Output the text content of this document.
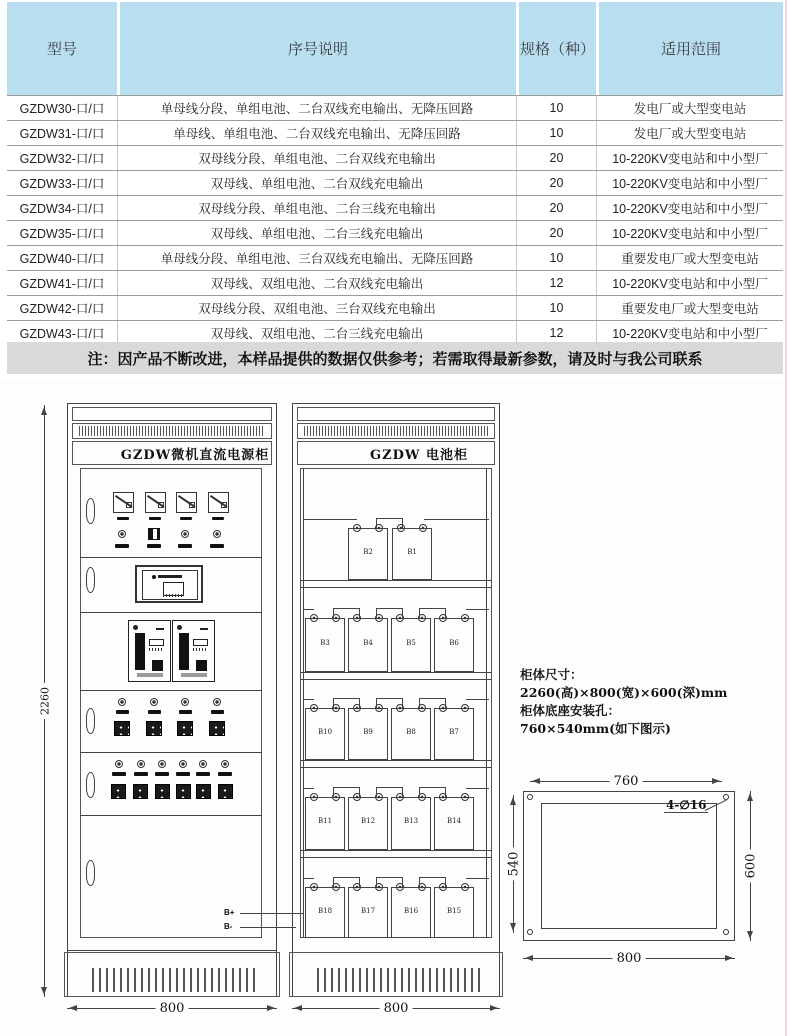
型号	序号说明	规格（种）	适用范围
GZDW30-口/口	单母线分段、单组电池、二台双线充电输出、无降压回路	10	发电厂或大型变电站
GZDW31-口/口	单母线、单组电池、二台双线充电输出、无降压回路	10	发电厂或大型变电站
GZDW32-口/口	双母线分段、单组电池、二台双线充电输出	20	10-220KV变电站和中小型厂
GZDW33-口/口	双母线、单组电池、二台双线充电输出	20	10-220KV变电站和中小型厂
GZDW34-口/口	双母线分段、单组电池、二台三线充电输出	20	10-220KV变电站和中小型厂
GZDW35-口/口	双母线、单组电池、二台三线充电输出	20	10-220KV变电站和中小型厂
GZDW40-口/口	单母线分段、单组电池、三台双线充电输出、无降压回路	10	重要发电厂或大型变电站
GZDW41-口/口	双母线、双组电池、二台双线充电输出	12	10-220KV变电站和中小型厂
GZDW42-口/口	双母线分段、双组电池、三台双线充电输出	10	重要发电厂或大型变电站
GZDW43-口/口	双母线、双组电池、二台三线充电输出	12	10-220KV变电站和中小型厂
注：因产品不断改进，本样品提供的数据仅供参考；若需取得最新参数，请及时与我公司联系
GZDW微机直流电源柜
B+
B-
2260
800
GZDW 电池柜
B2	B1
B3	B4	B5	B6
B10	B9	B8	B7
B11	B12	B13	B14
B18	B17	B16	B15
800
柜体尺寸：
2260(高)×800(宽)×600(深)mm
柜体底座安装孔：
760×540mm(如下图示)
760
540	600
800
4-∅16
